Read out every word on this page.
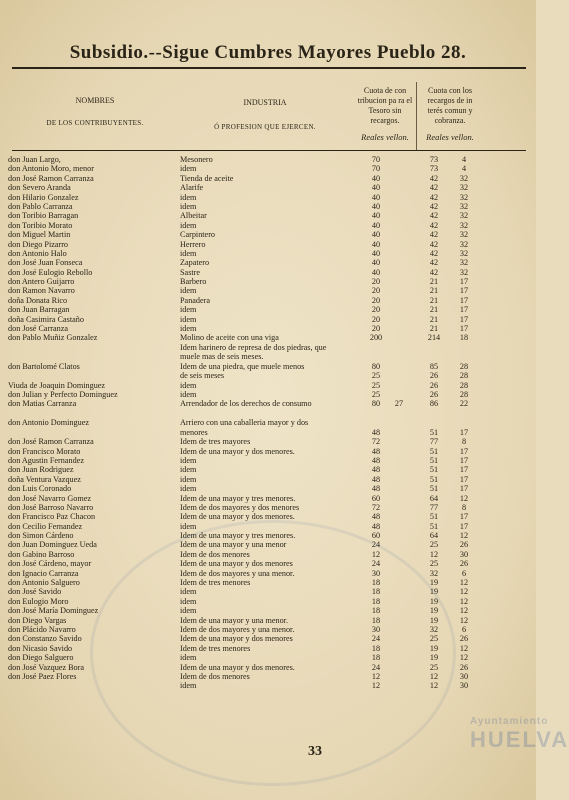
Subsidio.--Sigue Cumbres Mayores Pueblo 28.
NOMBRES
DE LOS CONTRIBUYENTES.
INDUSTRIA
Ó PROFESION QUE EJERCEN.
Cuota de con tribucion pa ra el Tesoro sin recargos.
Cuota con los recargos de in terés comun y cobranza.
Reales vellon.	Reales vellon.
don Juan Largo,	Mesonero	70	73	4
don Antonio Moro, menor	idem	70	73	4
don José Ramon Carranza	Tienda de aceite	40	42	32
don Severo Aranda	Alarife	40	42	32
don Hilario Gonzalez	idem	40	42	32
don Pablo Carranza	idem	40	42	32
don Toribio Barragan	Albeitar	40	42	32
don Toribio Morato	idem	40	42	32
don Miguel Martin	Carpintero	40	42	32
don Diego Pizarro	Herrero	40	42	32
don Antonio Halo	idem	40	42	32
don José Juan Fonseca	Zapatero	40	42	32
don José Eulogio Rebollo	Sastre	40	42	32
don Antero Guijarro	Barbero	20	21	17
don Ramon Navarro	idem	20	21	17
doña Donata Rico	Panadera	20	21	17
don Juan Barragan	idem	20	21	17
doña Casimira Castaño	idem	20	21	17
don José Carranza	idem	20	21	17
don Pablo Muñiz Gonzalez	Molino de aceite con una viga	200	214	18
Idem harinero de represa de dos piedras, que muele mas de seis meses.
don Bartolomé Clatos	Idem de una piedra, que muele menos	80	85	28
de seis meses	25	26	28
Viuda de Joaquin Dominguez	idem	25	26	28
don Julian y Perfecto Dominguez	idem	25	26	28
don Matias Carranza	Arrendador de los derechos de consumo	80	27	86	22
don Antonio Dominguez	Arriero con una caballeria mayor y dos
menores	48	51	17
don José Ramon Carranza	Idem de tres mayores	72	77	8
don Francisco Morato	Idem de una mayor y dos menores.	48	51	17
don Agustin Fernandez	idem	48	51	17
don Juan Rodriguez	idem	48	51	17
doña Ventura Vazquez	idem	48	51	17
don Luis Coronado	idem	48	51	17
don José Navarro Gomez	Idem de una mayor y tres menores.	60	64	12
don José Barroso Navarro	Idem de dos mayores y dos menores	72	77	8
don Francisco Paz Chacon	Idem de una mayor y dos menores.	48	51	17
don Cecilio Fernandez	idem	48	51	17
don Simon Cárdeno	Idem de una mayor y tres menores.	60	64	12
don Juan Dominguez Ueda	Idem de una mayor y una menor	24	25	26
don Gabino Barroso	Idem de dos menores	12	12	30
don José Cárdeno, mayor	Idem de una mayor y dos menores	24	25	26
don Ignacio Carranza	Idem de dos mayores y una menor.	30	32	6
don Antonio Salguero	Idem de tres menores	18	19	12
don José Savido	idem	18	19	12
don Eulogio Moro	idem	18	19	12
don José María Dominguez	idem	18	19	12
don Diego Vargas	Idem de una mayor y una menor.	18	19	12
don Plácido Navarro	Idem de dos mayores y una menor.	30	32	6
don Constanzo Savido	Idem de una mayor y dos menores	24	25	26
don Nicasio Savido	Idem de tres menores	18	19	12
don Diego Salguero	idem	18	19	12
don José Vazquez Bora	Idem de una mayor y dos menores.	24	25	26
don José Paez Flores	Idem de dos menores	12	12	30
idem	12	12	30
Ayuntamiento
HUELVA
33
